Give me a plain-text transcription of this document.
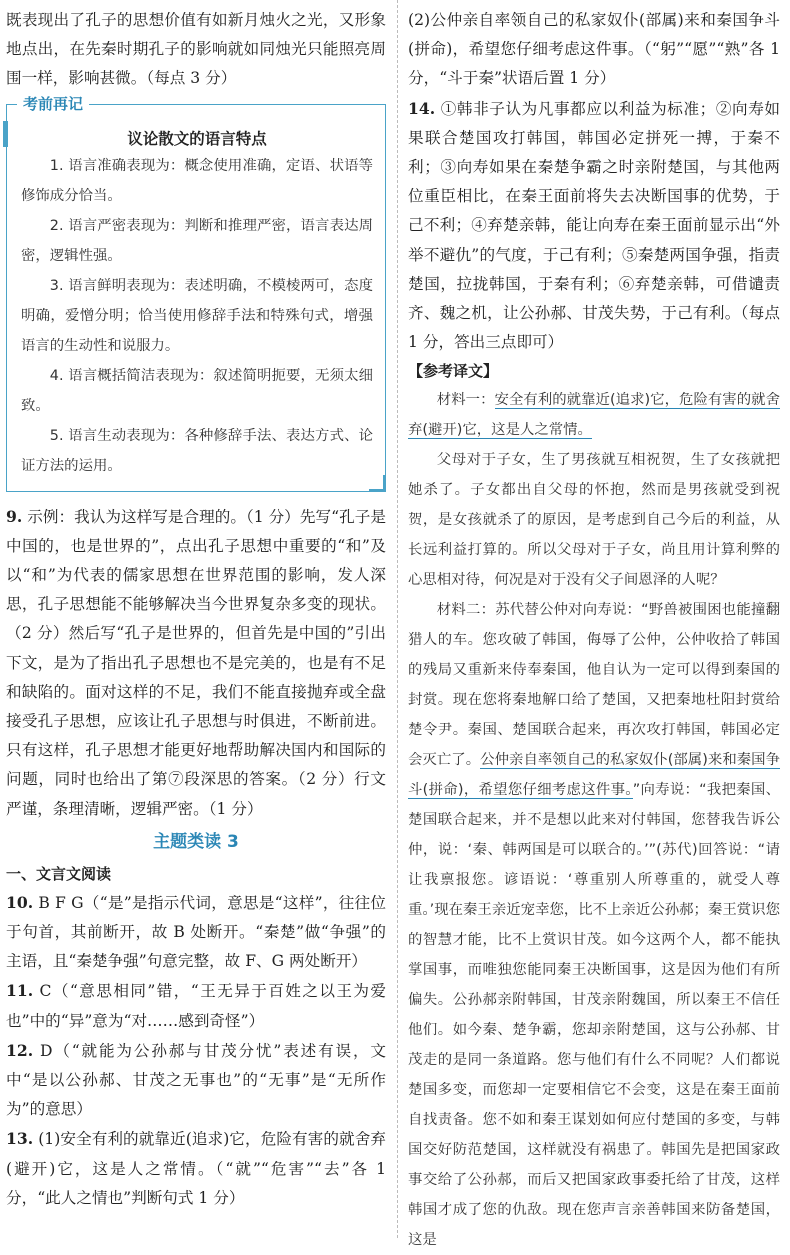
既表现出了孔子的思想价值有如新月烛火之光，又形象地点出，在先秦时期孔子的影响就如同烛光只能照亮周围一样，影响甚微。（每点 3 分）

考前再记
议论散文的语言特点

1. 语言准确表现为：概念使用准确，定语、状语等修饰成分恰当。

2. 语言严密表现为：判断和推理严密，语言表达周密，逻辑性强。

3. 语言鲜明表现为：表述明确，不模棱两可，态度明确，爱憎分明；恰当使用修辞手法和特殊句式，增强语言的生动性和说服力。

4. 语言概括简洁表现为：叙述简明扼要，无须太细致。

5. 语言生动表现为：各种修辞手法、表达方式、论证方法的运用。

9. 示例：我认为这样写是合理的。（1 分）先写“孔子是中国的，也是世界的”，点出孔子思想中重要的“和”及以“和”为代表的儒家思想在世界范围的影响，发人深思，孔子思想能不能够解决当今世界复杂多变的现状。（2 分）然后写“孔子是世界的，但首先是中国的”引出下文，是为了指出孔子思想也不是完美的，也是有不足和缺陷的。面对这样的不足，我们不能直接抛弃或全盘接受孔子思想，应该让孔子思想与时俱进，不断前进。只有这样，孔子思想才能更好地帮助解决国内和国际的问题，同时也给出了第⑦段深思的答案。（2 分）行文严谨，条理清晰，逻辑严密。（1 分）

主题类读 3
一、文言文阅读

10. B F G（“是”是指示代词，意思是“这样”，往往位于句首，其前断开，故 B 处断开。“秦楚”做“争强”的主语，且“秦楚争强”句意完整，故 F、G 两处断开）

11. C（“意思相同”错，“王无异于百姓之以王为爱也”中的“异”意为“对……感到奇怪”）

12. D（“就能为公孙郝与甘茂分忧”表述有误，文中“是以公孙郝、甘茂之无事也”的“无事”是“无所作为”的意思）

13. (1)安全有利的就靠近(追求)它，危险有害的就舍弃(避开)它，这是人之常情。（“就”“危害”“去”各 1 分，“此人之情也”判断句式 1 分）

(2)公仲亲自率领自己的私家奴仆(部属)来和秦国争斗(拼命)，希望您仔细考虑这件事。（“躬”“愿”“熟”各 1 分，“斗于秦”状语后置 1 分）

14. ①韩非子认为凡事都应以利益为标准；②向寿如果联合楚国攻打韩国，韩国必定拼死一搏，于秦不利；③向寿如果在秦楚争霸之时亲附楚国，与其他两位重臣相比，在秦王面前将失去决断国事的优势，于己不利；④弃楚亲韩，能让向寿在秦王面前显示出“外举不避仇”的气度，于己有利；⑤秦楚两国争强，指责楚国，拉拢韩国，于秦有利；⑥弃楚亲韩，可借谴责齐、魏之机，让公孙郝、甘茂失势，于己有利。（每点 1 分，答出三点即可）

【参考译文】

材料一：安全有利的就靠近(追求)它，危险有害的就舍弃(避开)它，这是人之常情。

父母对于子女，生了男孩就互相祝贺，生了女孩就把她杀了。子女都出自父母的怀抱，然而是男孩就受到祝贺，是女孩就杀了的原因，是考虑到自己今后的利益，从长远利益打算的。所以父母对于子女，尚且用计算利弊的心思相对待，何况是对于没有父子间恩泽的人呢？

材料二：苏代替公仲对向寿说：“野兽被围困也能撞翻猎人的车。您攻破了韩国，侮辱了公仲，公仲收拾了韩国的残局又重新来侍奉秦国，他自认为一定可以得到秦国的封赏。现在您将秦地解口给了楚国，又把秦地杜阳封赏给楚令尹。秦国、楚国联合起来，再次攻打韩国，韩国必定会灭亡了。公仲亲自率领自己的私家奴仆(部属)来和秦国争斗(拼命)，希望您仔细考虑这件事。”向寿说：“我把秦国、楚国联合起来，并不是想以此来对付韩国，您替我告诉公仲，说：‘秦、韩两国是可以联合的。’”(苏代)回答说：“请让我禀报您。谚语说：‘尊重别人所尊重的，就受人尊重。’现在秦王亲近宠幸您，比不上亲近公孙郝；秦王赏识您的智慧才能，比不上赏识甘茂。如今这两个人，都不能执掌国事，而唯独您能同秦王决断国事，这是因为他们有所偏失。公孙郝亲附韩国，甘茂亲附魏国，所以秦王不信任他们。如今秦、楚争霸，您却亲附楚国，这与公孙郝、甘茂走的是同一条道路。您与他们有什么不同呢？人们都说楚国多变，而您却一定要相信它不会变，这是在秦王面前自找责备。您不如和秦王谋划如何应付楚国的多变，与韩国交好防范楚国，这样就没有祸患了。韩国先是把国家政事交给了公孙郝，而后又把国家政事委托给了甘茂，这样韩国才成了您的仇敌。现在您声言亲善韩国来防备楚国，这是
